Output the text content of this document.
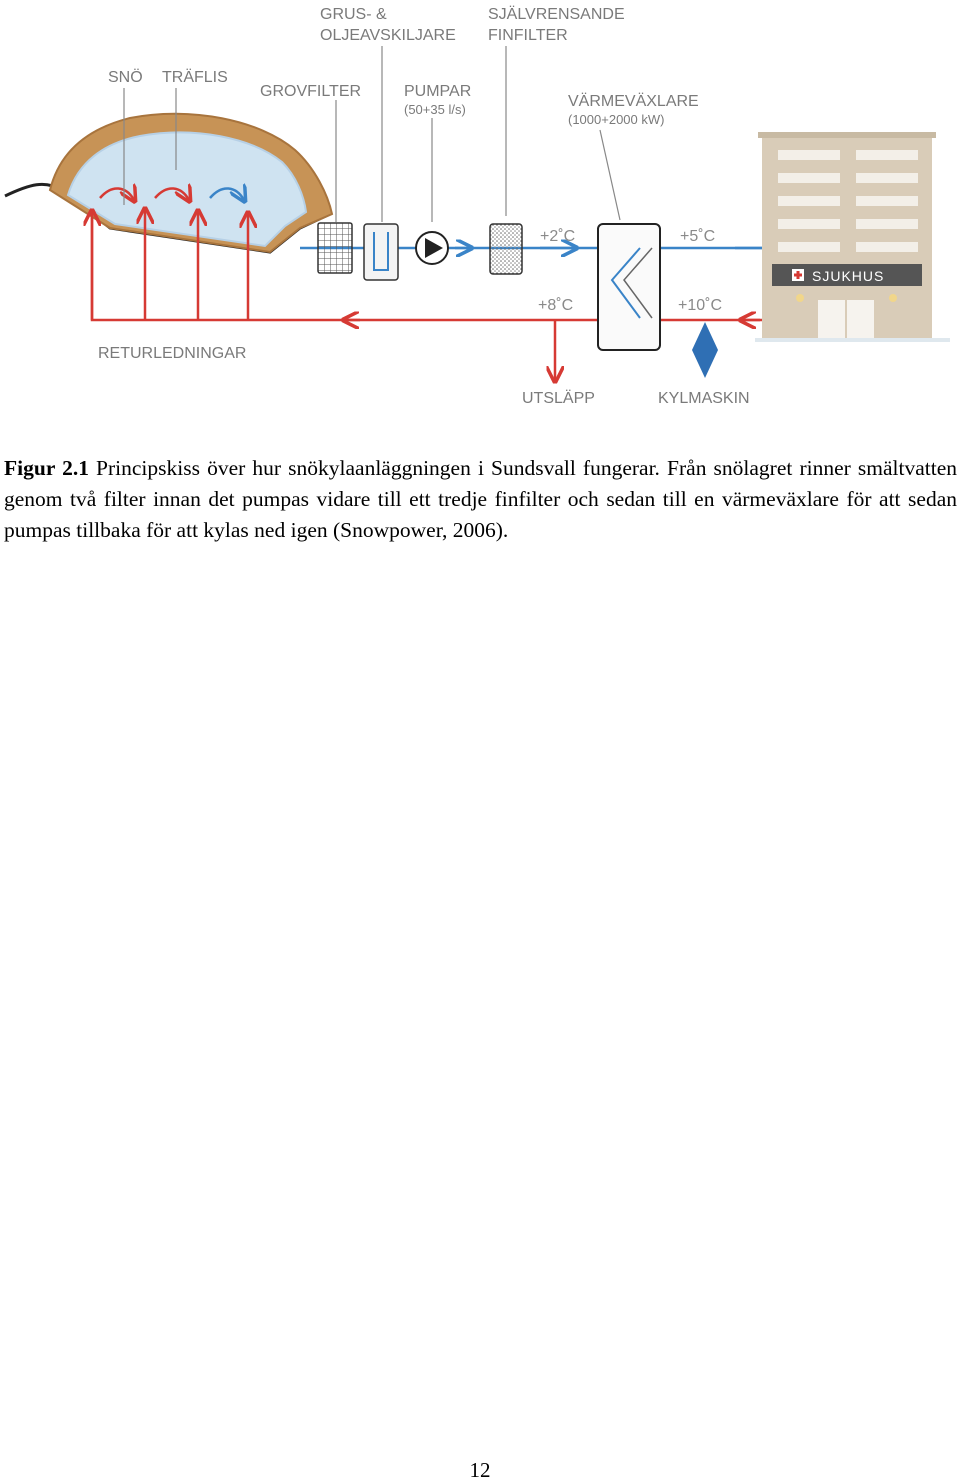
SJUKHUS
SNÖ TRÄFLIS
GROVFILTER
GRUS- &
OLJEAVSKILJARE
PUMPAR
(50+35 l/s)
SJÄLVRENSANDE
FINFILTER
VÄRMEVÄXLARE
(1000+2000 kW)
RETURLEDNINGAR
UTSLÄPP	KYLMASKIN
+2˚C	+5˚C
+8˚C	+10˚C

Figur 2.1 Principskiss över hur snökylaanläggningen i Sundsvall fungerar. Från snölagret rinner smältvatten genom två filter innan det pumpas vidare till ett tredje finfilter och sedan till en värmeväxlare för att sedan pumpas tillbaka för att kylas ned igen (Snowpower, 2006).

12
